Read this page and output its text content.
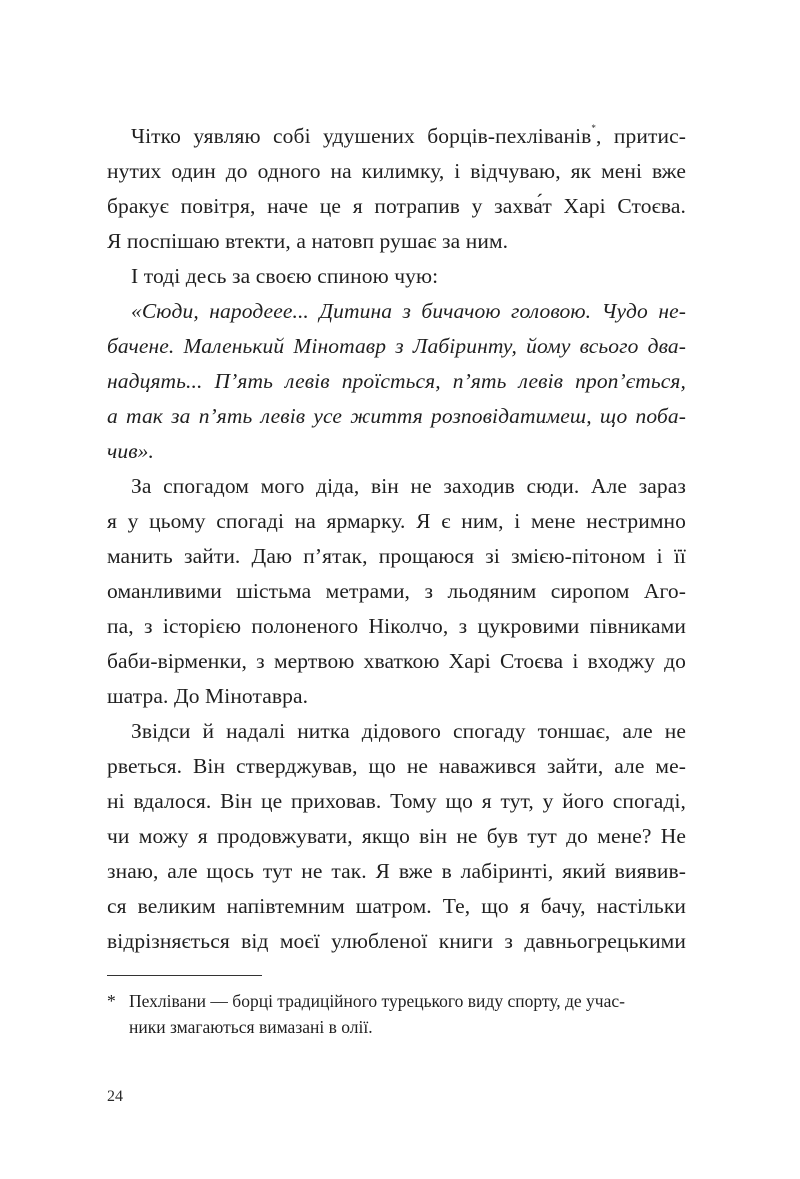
Чітко уявляю собі удушених борців-пехліванів*, притис-

нутих один до одного на килимку, і відчуваю, як мені вже

бракує повітря, наче це я потрапив у захва́т Харі Стоєва.

Я поспішаю втекти, а натовп рушає за ним.

І тоді десь за своєю спиною чую:

«Сюди, народеее... Дитина з бичачою головою. Чудо не-

бачене. Маленький Мінотавр з Лабіринту, йому всього два-

надцять... П’ять левів проїсться, п’ять левів проп’ється,

а так за п’ять левів усе життя розповідатимеш, що поба-

чив».

За спогадом мого діда, він не заходив сюди. Але зараз

я у цьому спогаді на ярмарку. Я є ним, і мене нестримно

манить зайти. Даю п’ятак, прощаюся зі змією-пітоном і її

оманливими шістьма метрами, з льодяним сиропом Аго-

па, з історією полоненого Ніколчо, з цукровими півниками

баби-вірменки, з мертвою хваткою Харі Стоєва і входжу до

шатра. До Мінотавра.

Звідси й надалі нитка дідового спогаду тоншає, але не

рветься. Він стверджував, що не наважився зайти, але ме-

ні вдалося. Він це приховав. Тому що я тут, у його спогаді,

чи можу я продовжувати, якщо він не був тут до мене? Не

знаю, але щось тут не так. Я вже в лабіринті, який виявив-

ся великим напівтемним шатром. Те, що я бачу, настільки

відрізняється від моєї улюбленої книги з давньогрецькими

* Пехлівани — борці традиційного турецького виду спорту, де учас-

ники змагаються вимазані в олії.

24
